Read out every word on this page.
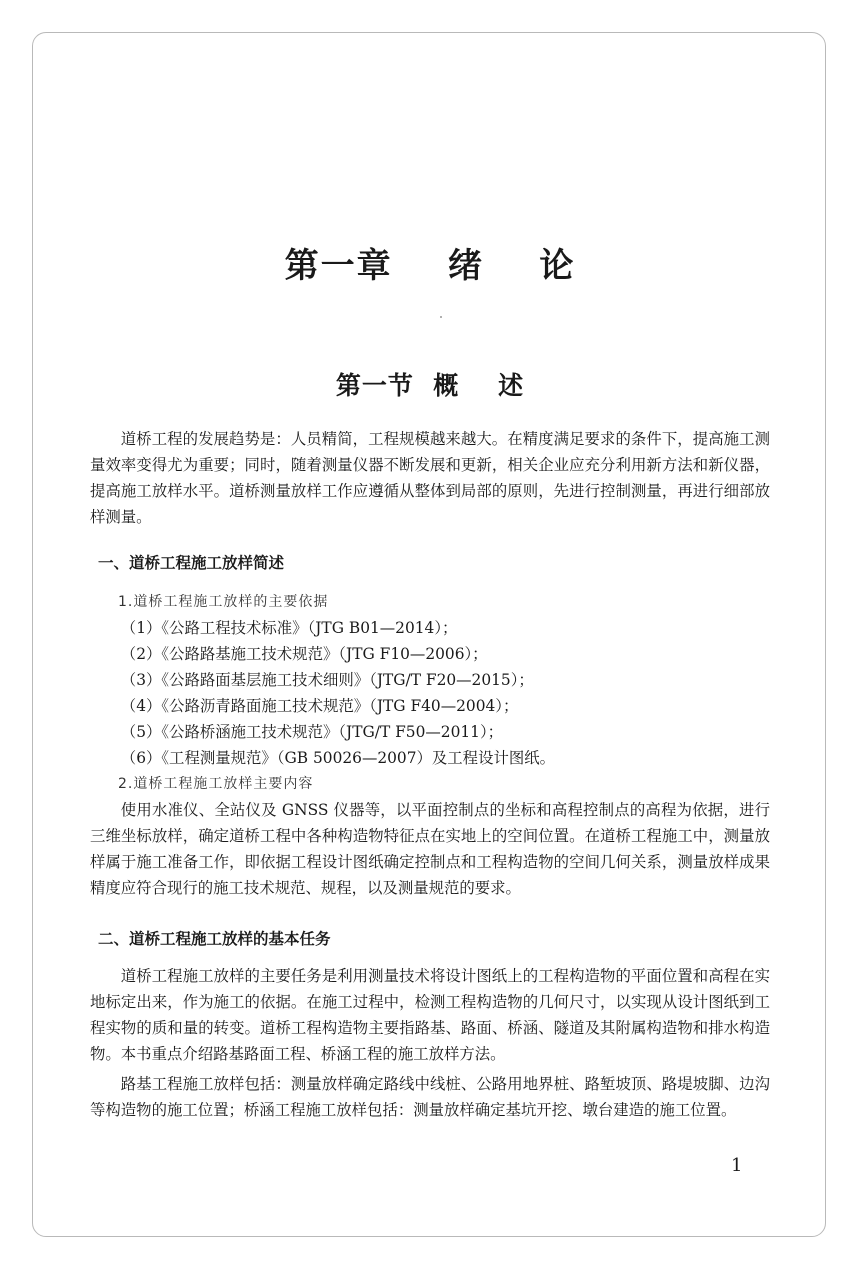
第一章    绪    论
第一节  概    述

道桥工程的发展趋势是：人员精简，工程规模越来越大。在精度满足要求的条件下，提高施工测量效率变得尤为重要；同时，随着测量仪器不断发展和更新，相关企业应充分利用新方法和新仪器，提高施工放样水平。道桥测量放样工作应遵循从整体到局部的原则，先进行控制测量，再进行细部放样测量。

一、道桥工程施工放样简述

1.道桥工程施工放样的主要依据

（1）《公路工程技术标准》（JTG B01—2014）；

（2）《公路路基施工技术规范》（JTG F10—2006）；

（3）《公路路面基层施工技术细则》（JTG/T F20—2015）；

（4）《公路沥青路面施工技术规范》（JTG F40—2004）；

（5）《公路桥涵施工技术规范》（JTG/T F50—2011）；

（6）《工程测量规范》（GB 50026—2007）及工程设计图纸。

2.道桥工程施工放样主要内容

使用水准仪、全站仪及 GNSS 仪器等，以平面控制点的坐标和高程控制点的高程为依据，进行三维坐标放样，确定道桥工程中各种构造物特征点在实地上的空间位置。在道桥工程施工中，测量放样属于施工准备工作，即依据工程设计图纸确定控制点和工程构造物的空间几何关系，测量放样成果精度应符合现行的施工技术规范、规程，以及测量规范的要求。

二、道桥工程施工放样的基本任务

道桥工程施工放样的主要任务是利用测量技术将设计图纸上的工程构造物的平面位置和高程在实地标定出来，作为施工的依据。在施工过程中，检测工程构造物的几何尺寸，以实现从设计图纸到工程实物的质和量的转变。道桥工程构造物主要指路基、路面、桥涵、隧道及其附属构造物和排水构造物。本书重点介绍路基路面工程、桥涵工程的施工放样方法。

路基工程施工放样包括：测量放样确定路线中线桩、公路用地界桩、路堑坡顶、路堤坡脚、边沟等构造物的施工位置；桥涵工程施工放样包括：测量放样确定基坑开挖、墩台建造的施工位置。

1
